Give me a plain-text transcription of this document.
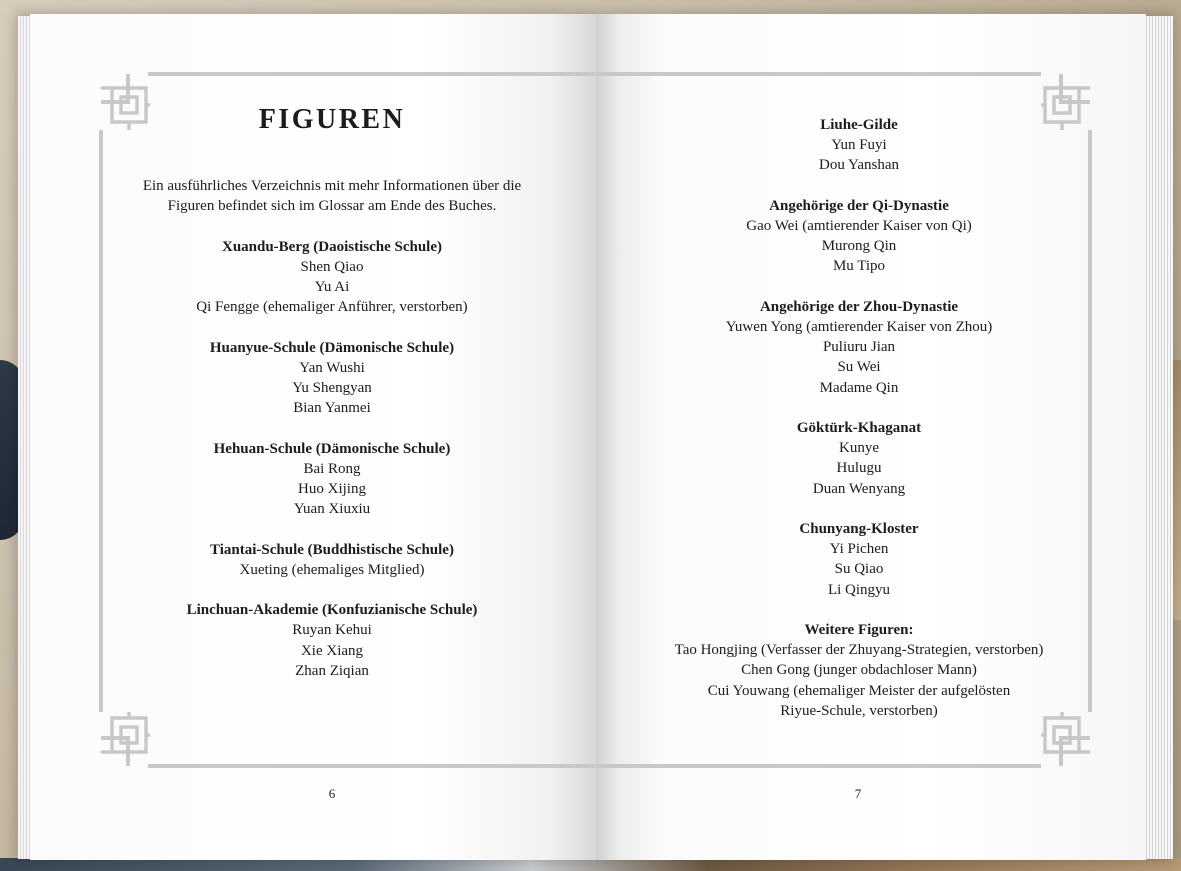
FIGUREN
Ein ausführliches Verzeichnis mit mehr Informationen über die Figuren befindet sich im Glossar am Ende des Buches.
Xuandu-Berg (Daoistische Schule)
Shen Qiao
Yu Ai
Qi Fengge (ehemaliger Anführer, verstorben)
Huanyue-Schule (Dämonische Schule)
Yan Wushi
Yu Shengyan
Bian Yanmei
Hehuan-Schule (Dämonische Schule)
Bai Rong
Huo Xijing
Yuan Xiuxiu
Tiantai-Schule (Buddhistische Schule)
Xueting (ehemaliges Mitglied)
Linchuan-Akademie (Konfuzianische Schule)
Ruyan Kehui
Xie Xiang
Zhan Ziqian
Liuhe-Gilde
Yun Fuyi
Dou Yanshan
Angehörige der Qi-Dynastie
Gao Wei (amtierender Kaiser von Qi)
Murong Qin
Mu Tipo
Angehörige der Zhou-Dynastie
Yuwen Yong (amtierender Kaiser von Zhou)
Puliuru Jian
Su Wei
Madame Qin
Göktürk-Khaganat
Kunye
Hulugu
Duan Wenyang
Chunyang-Kloster
Yi Pichen
Su Qiao
Li Qingyu
Weitere Figuren:
Tao Hongjing (Verfasser der Zhuyang-Strategien, verstorben)
Chen Gong (junger obdachloser Mann)
Cui Youwang (ehemaliger Meister der aufgelösten
Riyue-Schule, verstorben)
6	7
